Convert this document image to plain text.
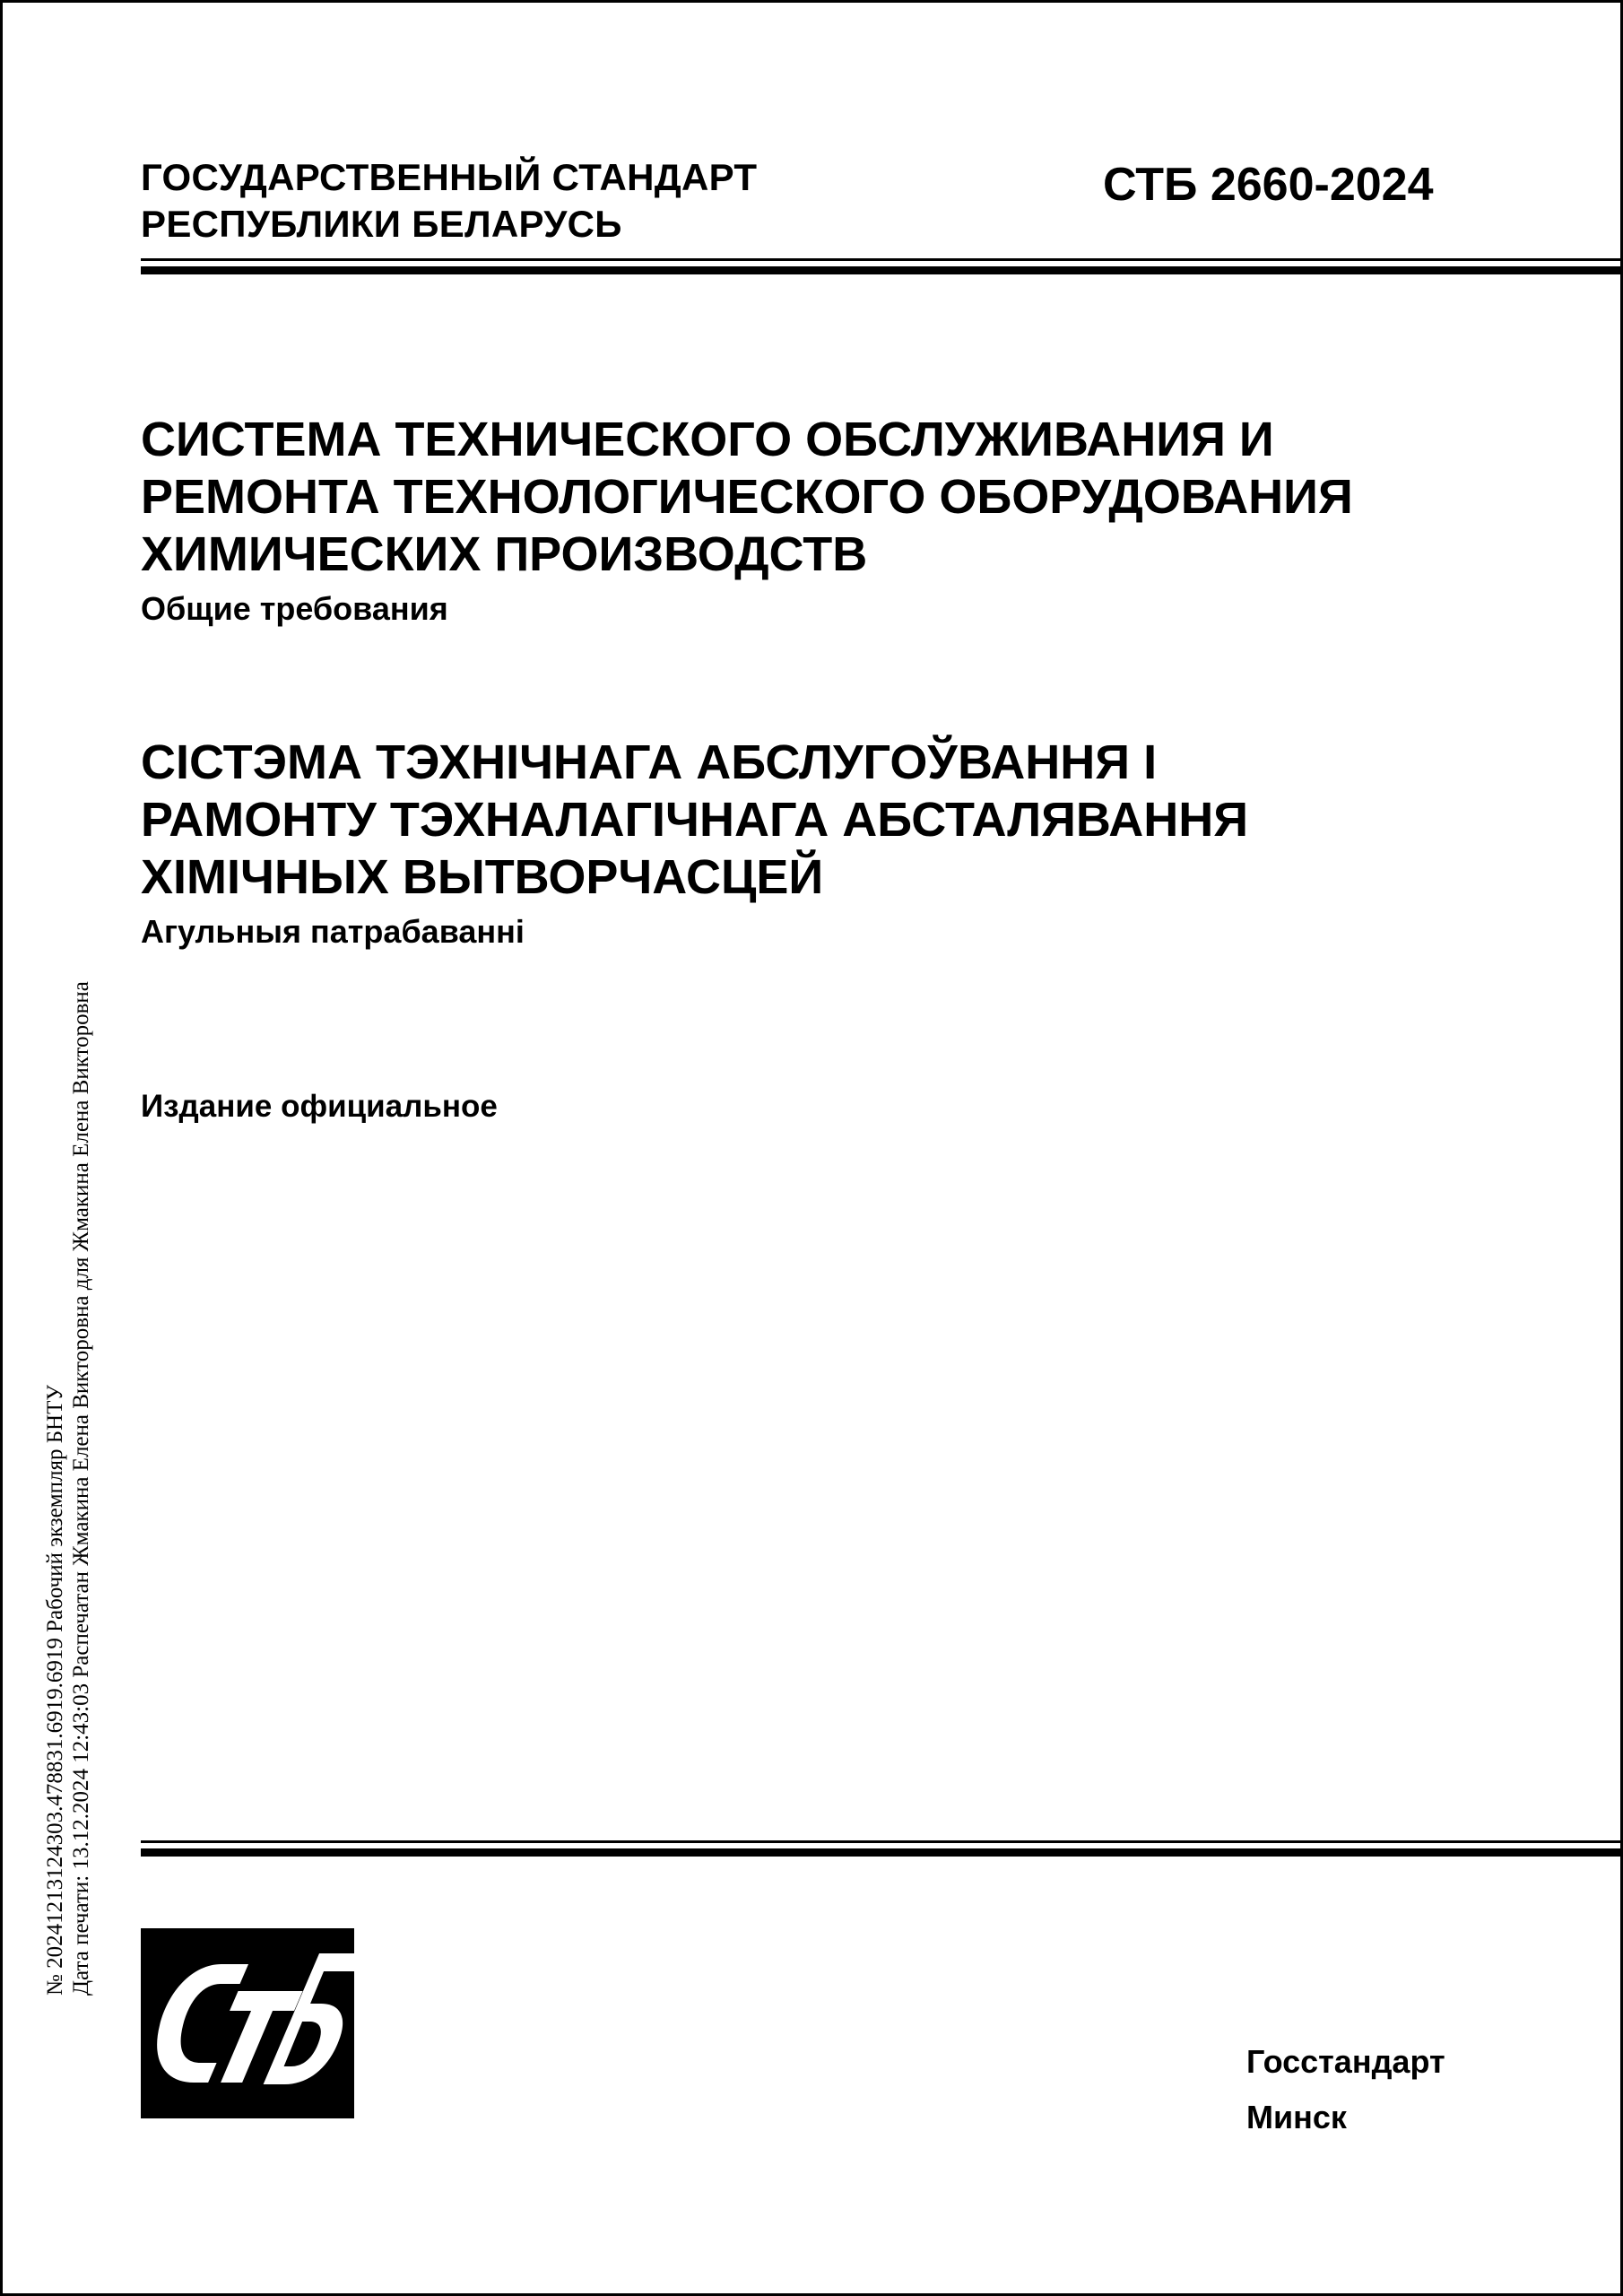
ГОСУДАРСТВЕННЫЙ СТАНДАРТ
РЕСПУБЛИКИ БЕЛАРУСЬ
СТБ 2660-2024
СИСТЕМА ТЕХНИЧЕСКОГО ОБСЛУЖИВАНИЯ И
РЕМОНТА ТЕХНОЛОГИЧЕСКОГО ОБОРУДОВАНИЯ
ХИМИЧЕСКИХ ПРОИЗВОДСТВ
Общие требования
СІСТЭМА ТЭХНІЧНАГА АБСЛУГОЎВАННЯ І
РАМОНТУ ТЭХНАЛАГІЧНАГА АБСТАЛЯВАННЯ
ХІМІЧНЫХ ВЫТВОРЧАСЦЕЙ
Агульныя патрабаванні
Издание официальное
№ 20241213124303.478831.6919.6919 Рабочий экземпляр БНТУ Дата печати: 13.12.2024 12:43:03 Распечатан Жмакина Елена Викторовна для Жмакина Елена Викторовна
Госстандарт
Минск
